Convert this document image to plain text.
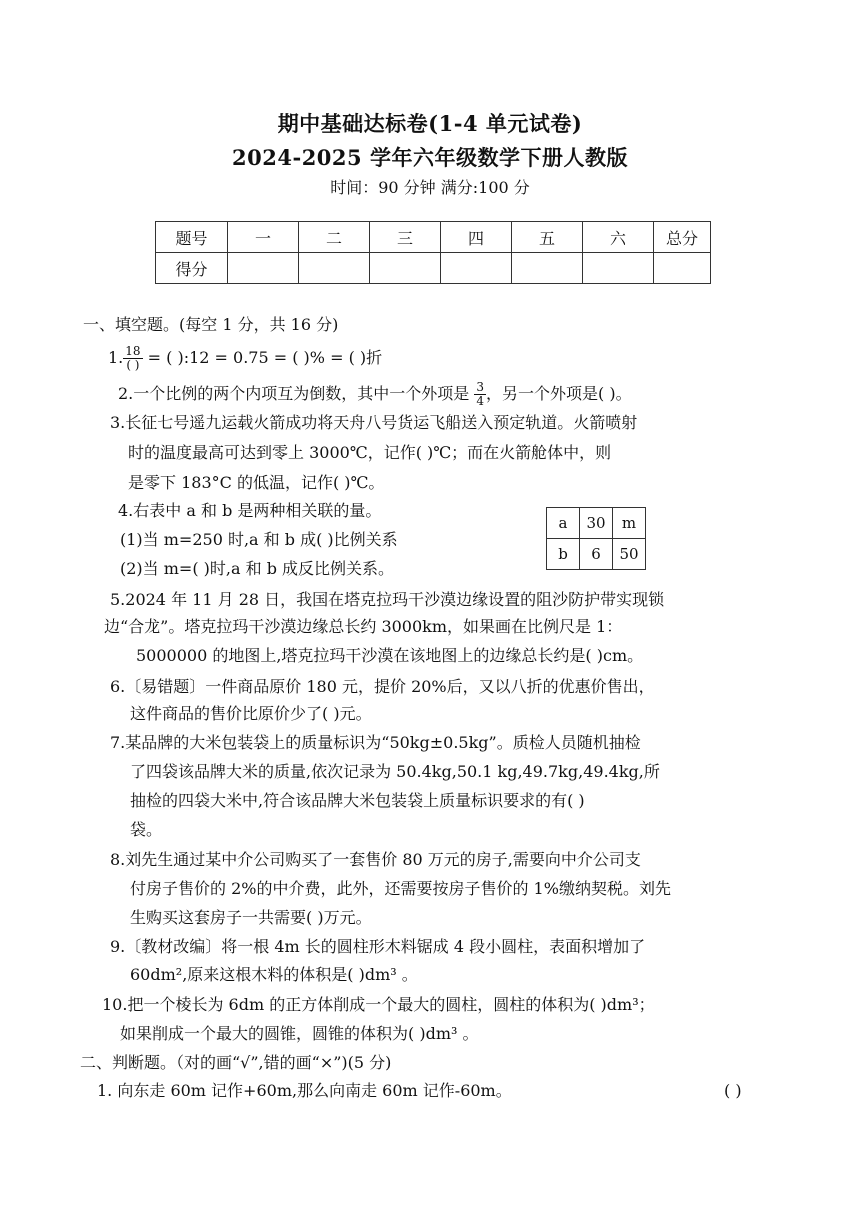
期中基础达标卷(1-4 单元试卷)
2024-2025 学年六年级数学下册人教版
时间：90 分钟 满分:100 分
题号	一	二	三	四	五	六	总分
得分							
一、填空题。(每空 1 分，共 16 分)
1. $\frac{18}{( )}$ = ( ):12 = 0.75 = ( )% = ( )折
2.一个比例的两个内项互为倒数，其中一个外项是 $\frac{3}{4}$ ，另一个外项是( )。
3.长征七号遥九运载火箭成功将天舟八号货运飞船送入预定轨道。火箭喷射
时的温度最高可达到零上 3000℃，记作( )℃；而在火箭舱体中，则
是零下 183°C 的低温，记作( )℃。
4.右表中 a 和 b 是两种相关联的量。
(1)当 m=250 时,a 和 b 成( )比例关系
(2)当 m=( )时,a 和 b 成反比例关系。
a	30	m
b	6	50
5.2024 年 11 月 28 日，我国在塔克拉玛干沙漠边缘设置的阻沙防护带实现锁
边“合龙”。塔克拉玛干沙漠边缘总长约 3000km，如果画在比例尺是 1：
5000000 的地图上,塔克拉玛干沙漠在该地图上的边缘总长约是( )cm。
6.〔易错题〕一件商品原价 180 元，提价 20%后，又以八折的优惠价售出，
这件商品的售价比原价少了( )元。
7.某品牌的大米包装袋上的质量标识为“50kg±0.5kg”。质检人员随机抽检
了四袋该品牌大米的质量,依次记录为 50.4kg,50.1 kg,49.7kg,49.4kg,所
抽检的四袋大米中,符合该品牌大米包装袋上质量标识要求的有( )
袋。
8.刘先生通过某中介公司购买了一套售价 80 万元的房子,需要向中介公司支
付房子售价的 2%的中介费，此外，还需要按房子售价的 1%缴纳契税。刘先
生购买这套房子一共需要( )万元。
9.〔教材改编〕将一根 4m 长的圆柱形木料锯成 4 段小圆柱，表面积增加了
60dm²,原来这根木料的体积是( )dm³ 。
10.把一个棱长为 6dm 的正方体削成一个最大的圆柱，圆柱的体积为( )dm³；
如果削成一个最大的圆锥，圆锥的体积为( )dm³ 。
二、判断题。（对的画“√”,错的画“×”)(5 分)
1. 向东走 60m 记作+60m,那么向南走 60m 记作-60m。	( )
